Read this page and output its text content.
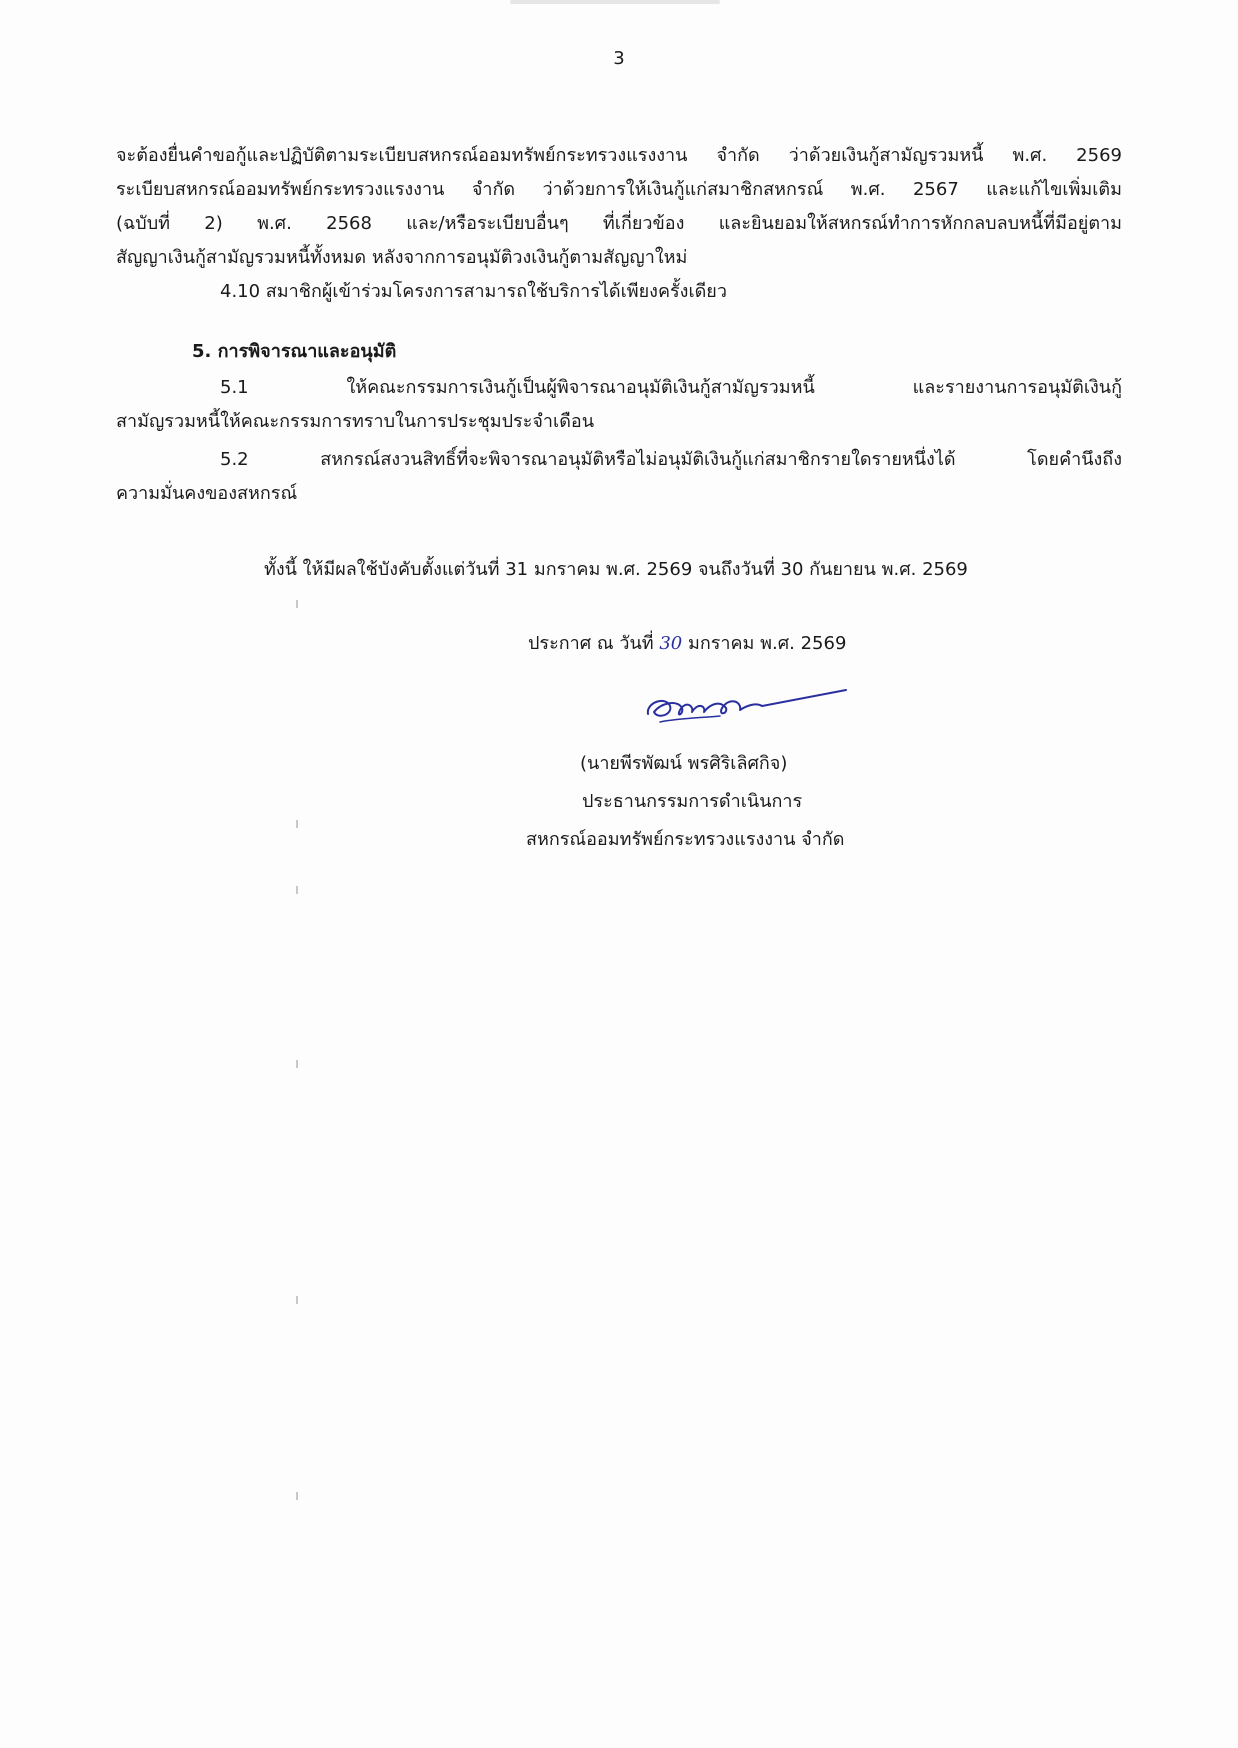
3
จะต้องยื่นคำขอกู้และปฏิบัติตามระเบียบสหกรณ์ออมทรัพย์กระทรวงแรงงาน จำกัด ว่าด้วยเงินกู้สามัญรวมหนี้ พ.ศ. 2569
ระเบียบสหกรณ์ออมทรัพย์กระทรวงแรงงาน จำกัด ว่าด้วยการให้เงินกู้แก่สมาชิกสหกรณ์ พ.ศ. 2567 และแก้ไขเพิ่มเติม
(ฉบับที่ 2) พ.ศ. 2568 และ/หรือระเบียบอื่นๆ ที่เกี่ยวข้อง และยินยอมให้สหกรณ์ทำการหักกลบลบหนี้ที่มีอยู่ตาม
สัญญาเงินกู้สามัญรวมหนี้ทั้งหมด หลังจากการอนุมัติวงเงินกู้ตามสัญญาใหม่
4.10 สมาชิกผู้เข้าร่วมโครงการสามารถใช้บริการได้เพียงครั้งเดียว
5. การพิจารณาและอนุมัติ
5.1 ให้คณะกรรมการเงินกู้เป็นผู้พิจารณาอนุมัติเงินกู้สามัญรวมหนี้ และรายงานการอนุมัติเงินกู้
สามัญรวมหนี้ให้คณะกรรมการทราบในการประชุมประจำเดือน
5.2 สหกรณ์สงวนสิทธิ์ที่จะพิจารณาอนุมัติหรือไม่อนุมัติเงินกู้แก่สมาชิกรายใดรายหนึ่งได้ โดยคำนึงถึง
ความมั่นคงของสหกรณ์
ทั้งนี้ ให้มีผลใช้บังคับตั้งแต่วันที่ 31 มกราคม พ.ศ. 2569 จนถึงวันที่ 30 กันยายน พ.ศ. 2569
ประกาศ ณ วันที่ 30 มกราคม พ.ศ. 2569
(นายพีรพัฒน์ พรศิริเลิศกิจ)
ประธานกรรมการดำเนินการ
สหกรณ์ออมทรัพย์กระทรวงแรงงาน จำกัด
